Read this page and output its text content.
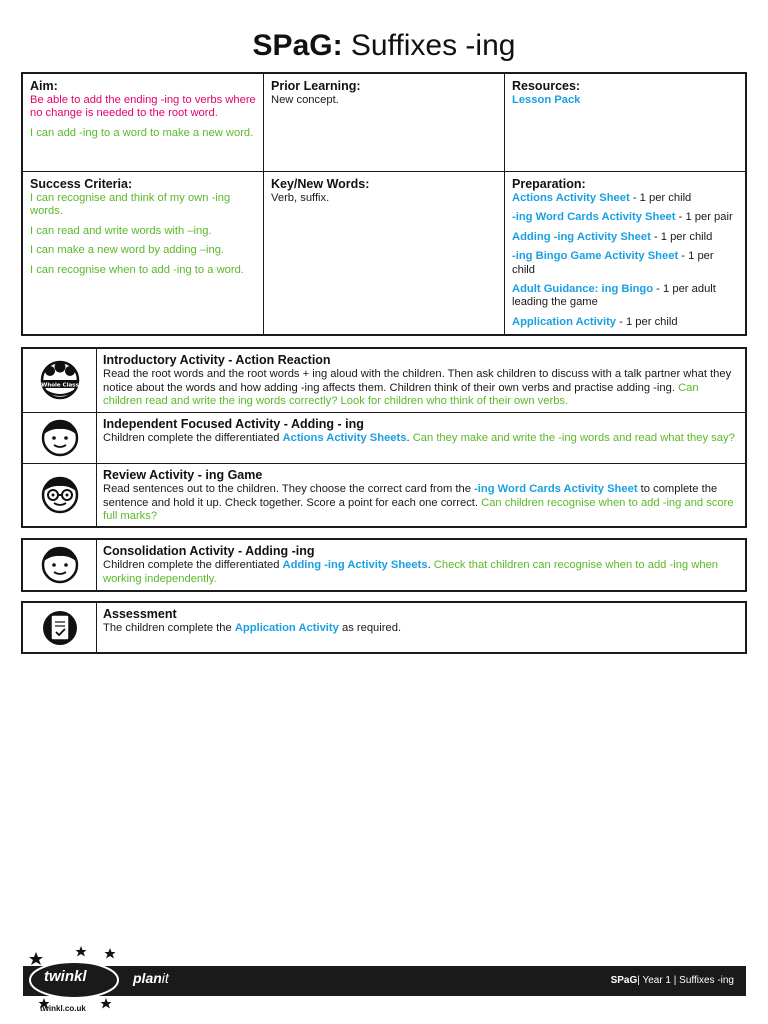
SPaG: Suffixes -ing
Aim:

Be able to add the ending -ing to verbs where no change is needed to the root word.

I can add -ing to a word to make a new word.

Prior Learning:

New concept.

Resources:

Lesson Pack

Success Criteria:

I can recognise and think of my own -ing words.

I can read and write words with –ing.

I can make a new word by adding –ing.

I can recognise when to add -ing to a word.

Key/New Words:

Verb, suffix.

Preparation:

Actions Activity Sheet - 1 per child

-ing Word Cards Activity Sheet - 1 per pair

Adding -ing Activity Sheet - 1 per child

-ing Bingo Game Activity Sheet - 1 per child

Adult Guidance: ing Bingo - 1 per adult leading the game

Application Activity - 1 per child

Whole Class
Introductory Activity - Action Reaction
Read the root words and the root words + ing aloud with the children. Then ask children to discuss with a talk partner what they notice about the words and how adding -ing affects them. Children think of their own verbs and practise adding -ing. Can children read and write the ing words correctly? Look for children who think of their own verbs.
Independent Focused Activity - Adding - ing
Children complete the differentiated Actions Activity Sheets. Can they make and write the -ing words and read what they say?
Review Activity - ing Game
Read sentences out to the children. They choose the correct card from the -ing Word Cards Activity Sheet to complete the sentence and hold it up. Check together. Score a point for each one correct. Can children recognise when to add -ing and score full marks?
Consolidation Activity - Adding -ing
Children complete the differentiated Adding -ing Activity Sheets. Check that children can recognise when to add -ing when working independently.
Assessment
The children complete the Application Activity as required.
SPaG| Year 1 | Suffixes -ing
twinkl	planit
twinkl.co.uk
